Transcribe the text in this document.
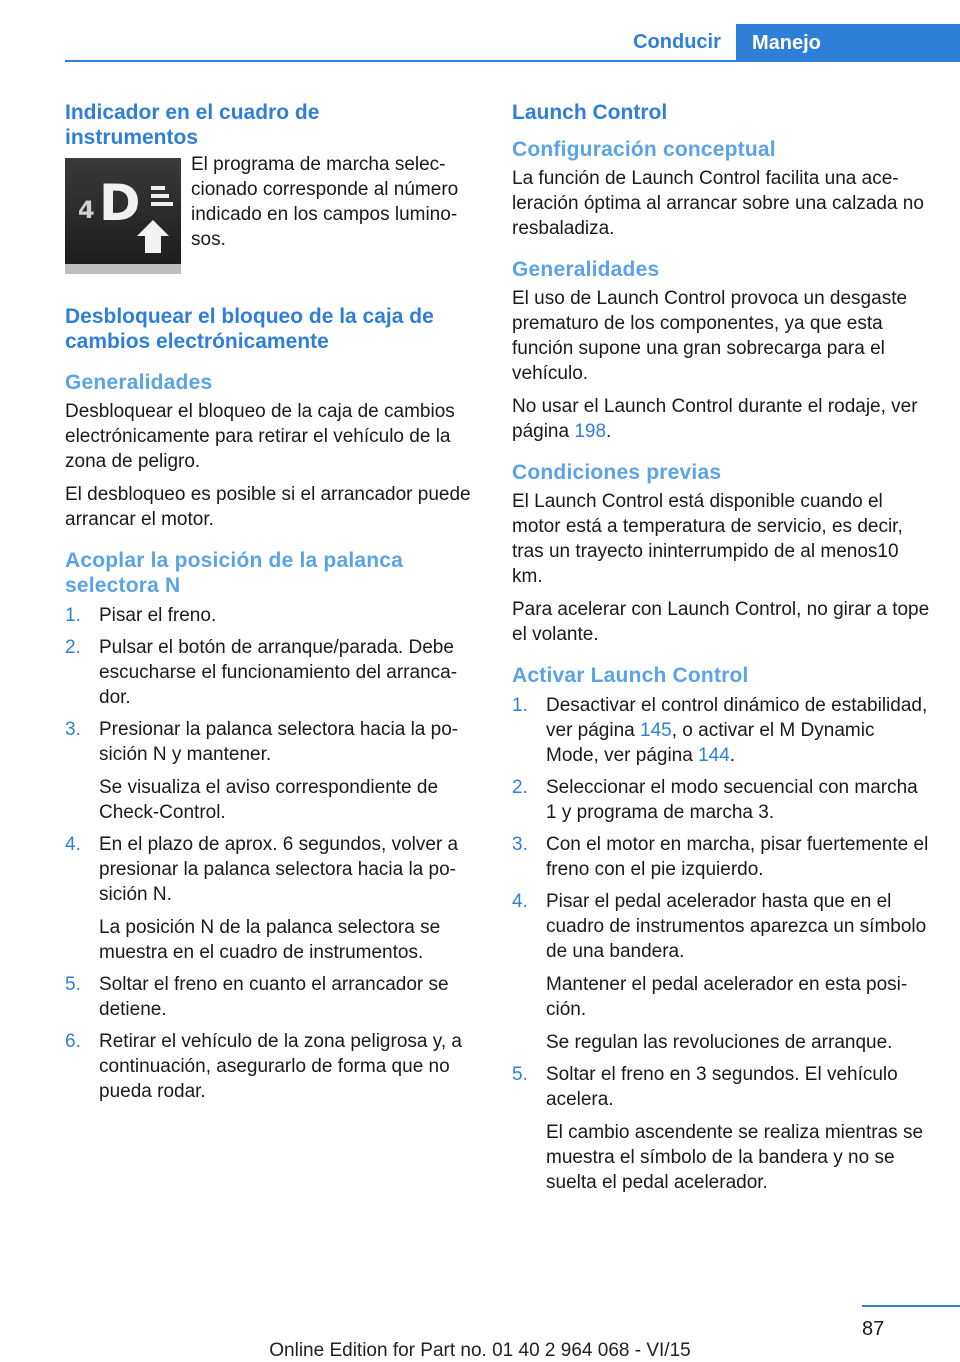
Conducir	Manejo
Indicador en el cuadro de instrumentos
4 D

El programa de marcha seleccionado corresponde al número indicado en los campos luminosos.

Desbloquear el bloqueo de la caja de cambios electrónicamente
Generalidades

Desbloquear el bloqueo de la caja de cambios electrónicamente para retirar el vehículo de la zona de peligro.

El desbloqueo es posible si el arrancador puede arrancar el motor.

Acoplar la posición de la palanca selectora N
1. Pisar el freno.

2. Pulsar el botón de arranque/parada. Debe escucharse el funcionamiento del arrancador.

3. Presionar la palanca selectora hacia la posición N y mantener.

Se visualiza el aviso correspondiente de Check-Control.

4. En el plazo de aprox. 6 segundos, volver a presionar la palanca selectora hacia la posición N.

La posición N de la palanca selectora se muestra en el cuadro de instrumentos.

5. Soltar el freno en cuanto el arrancador se detiene.

6. Retirar el vehículo de la zona peligrosa y, a continuación, asegurarlo de forma que no pueda rodar.

Launch Control
Configuración conceptual

La función de Launch Control facilita una aceleración óptima al arrancar sobre una calzada no resbaladiza.

Generalidades

El uso de Launch Control provoca un desgaste prematuro de los componentes, ya que esta función supone una gran sobrecarga para el vehículo.

No usar el Launch Control durante el rodaje, ver página 198.

Condiciones previas

El Launch Control está disponible cuando el motor está a temperatura de servicio, es decir, tras un trayecto ininterrumpido de al menos10 km.

Para acelerar con Launch Control, no girar a tope el volante.

Activar Launch Control
1. Desactivar el control dinámico de estabilidad, ver página 145, o activar el M Dynamic Mode, ver página 144.

2. Seleccionar el modo secuencial con marcha 1 y programa de marcha 3.

3. Con el motor en marcha, pisar fuertemente el freno con el pie izquierdo.

4. Pisar el pedal acelerador hasta que en el cuadro de instrumentos aparezca un símbolo de una bandera.

Mantener el pedal acelerador en esta posición.

Se regulan las revoluciones de arranque.

5. Soltar el freno en 3 segundos. El vehículo acelera.

El cambio ascendente se realiza mientras se muestra el símbolo de la bandera y no se suelta el pedal acelerador.

87
Online Edition for Part no. 01 40 2 964 068 - VI/15
